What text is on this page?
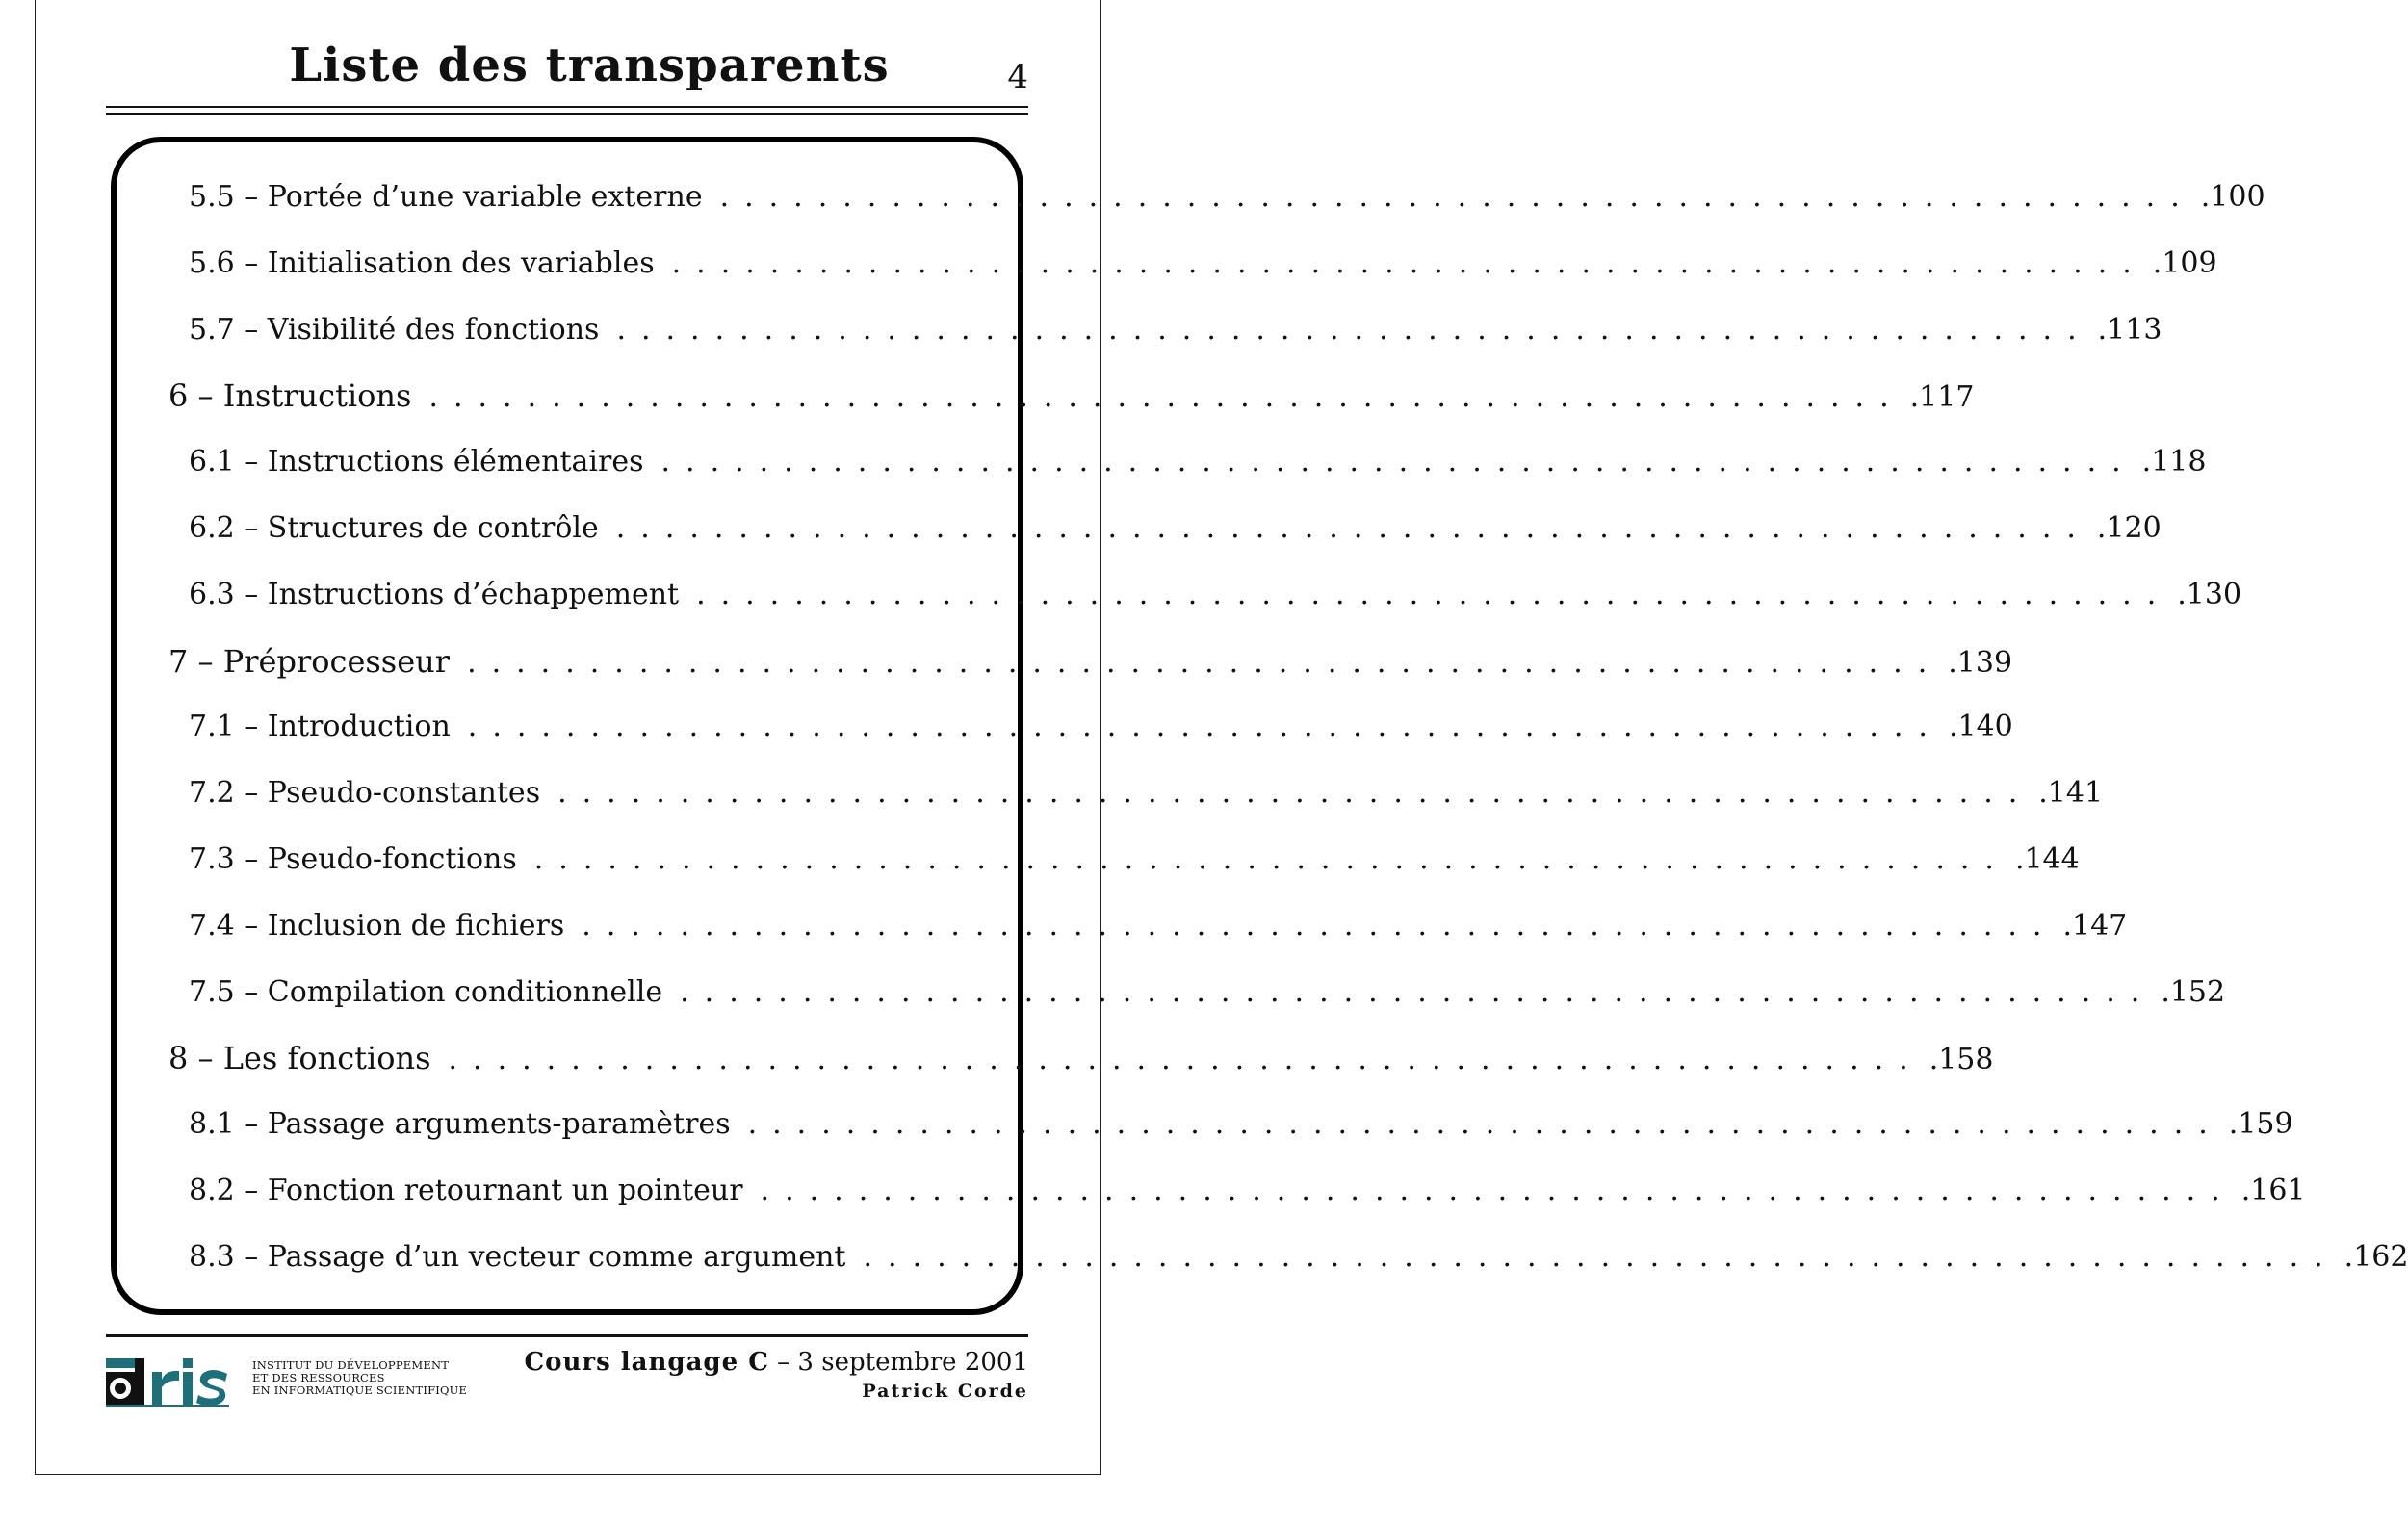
Liste des transparents	4
5.5 – Portée d’une variable externe ............................................................ .100
5.6 – Initialisation des variables ............................................................ .109
5.7 – Visibilité des fonctions ............................................................ .113
6 – Instructions ............................................................ .117
6.1 – Instructions élémentaires ............................................................ .118
6.2 – Structures de contrôle ............................................................ .120
6.3 – Instructions d’échappement ............................................................ .130
7 – Préprocesseur ............................................................ .139
7.1 – Introduction ............................................................ .140
7.2 – Pseudo-constantes ............................................................ .141
7.3 – Pseudo-fonctions ............................................................ .144
7.4 – Inclusion de fichiers ............................................................ .147
7.5 – Compilation conditionnelle ............................................................ .152
8 – Les fonctions ............................................................ .158
8.1 – Passage arguments-paramètres ............................................................ .159
8.2 – Fonction retournant un pointeur ............................................................ .161
8.3 – Passage d’un vecteur comme argument ............................................................ .162
INSTITUT DU DÉVELOPPEMENT
ET DES RESSOURCES
EN INFORMATIQUE SCIENTIFIQUE
Cours langage C – 3 septembre 2001
Patrick Corde
